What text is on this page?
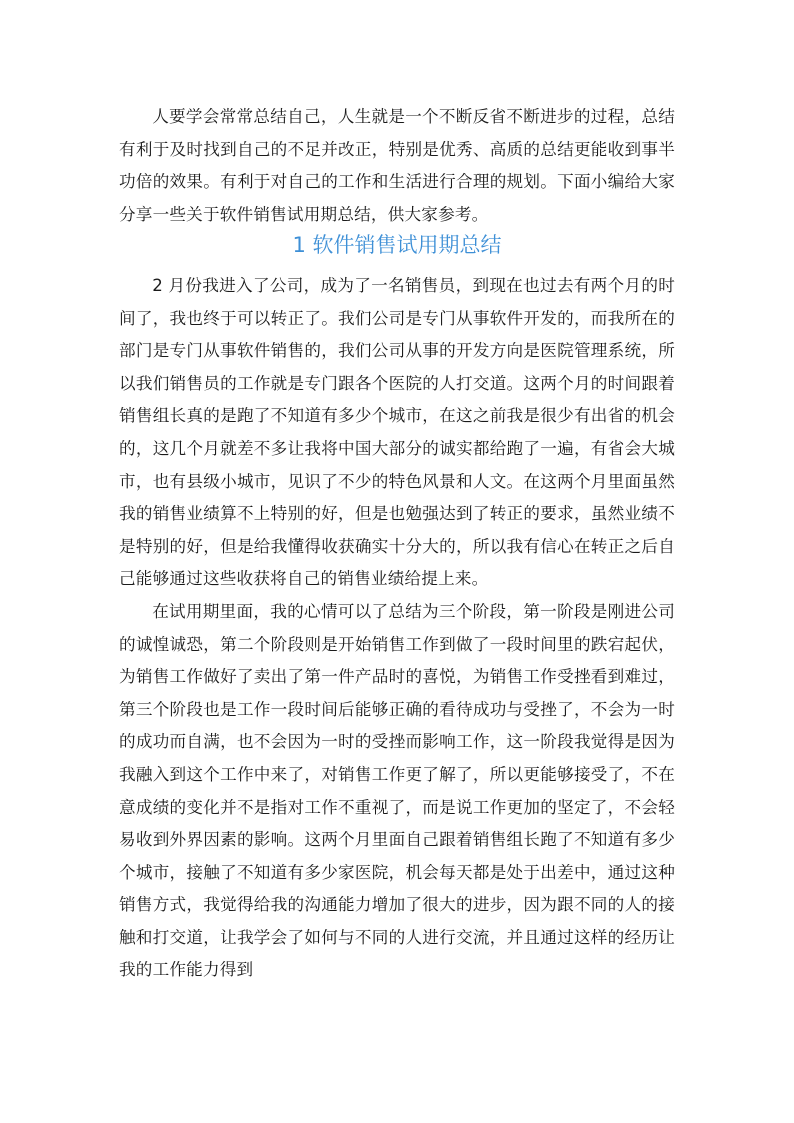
人要学会常常总结自己，人生就是一个不断反省不断进步的过程，总结有利于及时找到自己的不足并改正，特别是优秀、高质的总结更能收到事半功倍的效果。有利于对自己的工作和生活进行合理的规划。下面小编给大家分享一些关于软件销售试用期总结，供大家参考。

1 软件销售试用期总结

2 月份我进入了公司，成为了一名销售员，到现在也过去有两个月的时间了，我也终于可以转正了。我们公司是专门从事软件开发的，而我所在的部门是专门从事软件销售的，我们公司从事的开发方向是医院管理系统，所以我们销售员的工作就是专门跟各个医院的人打交道。这两个月的时间跟着销售组长真的是跑了不知道有多少个城市，在这之前我是很少有出省的机会的，这几个月就差不多让我将中国大部分的诚实都给跑了一遍，有省会大城市，也有县级小城市，见识了不少的特色风景和人文。在这两个月里面虽然我的销售业绩算不上特别的好，但是也勉强达到了转正的要求，虽然业绩不是特别的好，但是给我懂得收获确实十分大的，所以我有信心在转正之后自己能够通过这些收获将自己的销售业绩给提上来。

在试用期里面，我的心情可以了总结为三个阶段，第一阶段是刚进公司的诚惶诚恐，第二个阶段则是开始销售工作到做了一段时间里的跌宕起伏，为销售工作做好了卖出了第一件产品时的喜悦，为销售工作受挫看到难过，第三个阶段也是工作一段时间后能够正确的看待成功与受挫了，不会为一时的成功而自满，也不会因为一时的受挫而影响工作，这一阶段我觉得是因为我融入到这个工作中来了，对销售工作更了解了，所以更能够接受了，不在意成绩的变化并不是指对工作不重视了，而是说工作更加的坚定了，不会轻易收到外界因素的影响。这两个月里面自己跟着销售组长跑了不知道有多少个城市，接触了不知道有多少家医院，机会每天都是处于出差中，通过这种销售方式，我觉得给我的沟通能力增加了很大的进步，因为跟不同的人的接触和打交道，让我学会了如何与不同的人进行交流，并且通过这样的经历让我的工作能力得到
